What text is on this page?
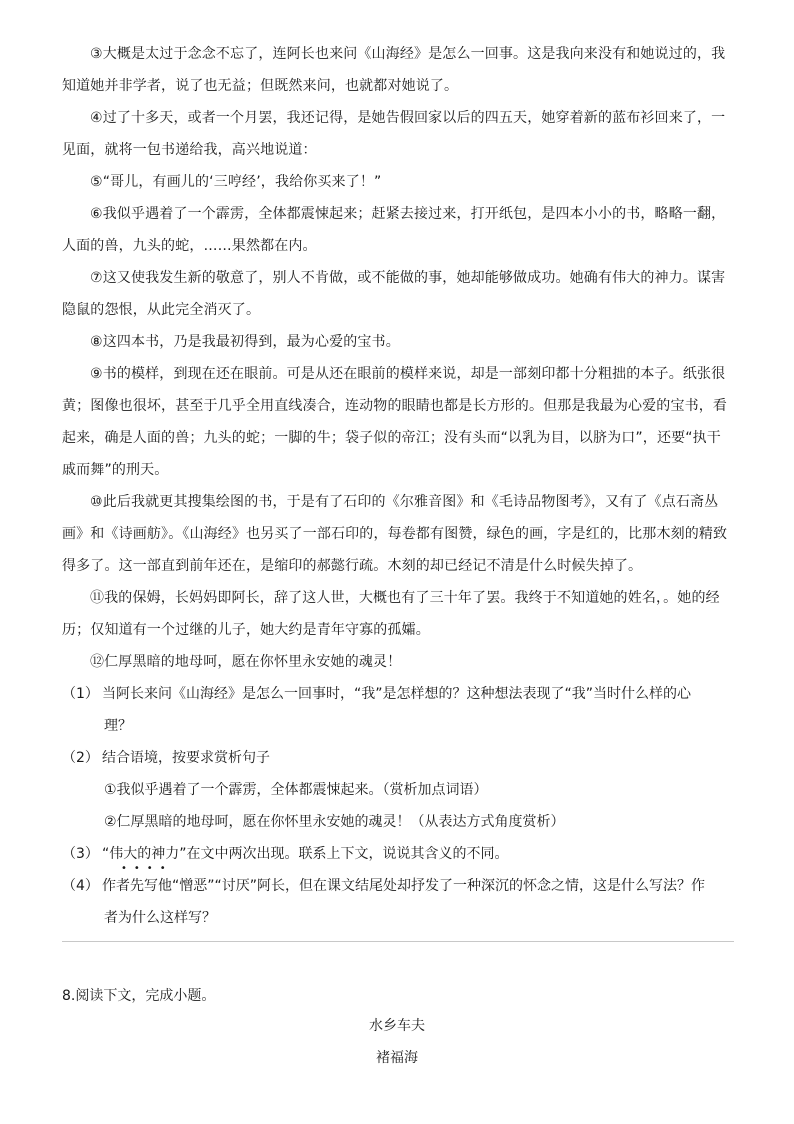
③大概是太过于念念不忘了，连阿长也来问《山海经》是怎么一回事。这是我向来没有和她说过的，我知道她并非学者，说了也无益；但既然来问，也就都对她说了。

④过了十多天，或者一个月罢，我还记得，是她告假回家以后的四五天，她穿着新的蓝布衫回来了，一见面，就将一包书递给我，高兴地说道：

⑤“哥儿，有画儿的‘三哼经’，我给你买来了！”

⑥我似乎遇着了一个霹雳，全体都震悚起来；赶紧去接过来，打开纸包，是四本小小的书，略略一翻，人面的兽，九头的蛇，……果然都在内。

⑦这又使我发生新的敬意了，别人不肯做，或不能做的事，她却能够做成功。她确有伟大的神力。谋害隐鼠的怨恨，从此完全消灭了。

⑧这四本书，乃是我最初得到，最为心爱的宝书。

⑨书的模样，到现在还在眼前。可是从还在眼前的模样来说，却是一部刻印都十分粗拙的本子。纸张很黄；图像也很坏，甚至于几乎全用直线凑合，连动物的眼睛也都是长方形的。但那是我最为心爱的宝书，看起来，确是人面的兽；九头的蛇；一脚的牛；袋子似的帝江；没有头而“以乳为目，以脐为口”，还要“执干戚而舞”的刑天。

⑩此后我就更其搜集绘图的书，于是有了石印的《尔雅音图》和《毛诗品物图考》，又有了《点石斋丛画》和《诗画舫》。《山海经》也另买了一部石印的，每卷都有图赞，绿色的画，字是红的，比那木刻的精致得多了。这一部直到前年还在，是缩印的郝懿行疏。木刻的却已经记不清是什么时候失掉了。

⑪我的保姆，长妈妈即阿长，辞了这人世，大概也有了三十年了罢。我终于不知道她的姓名，。她的经历；仅知道有一个过继的儿子，她大约是青年守寡的孤孀。

⑫仁厚黑暗的地母呵，愿在你怀里永安她的魂灵！

（1） 当阿长来问《山海经》是怎么一回事时，“我”是怎样想的？这种想法表现了“我”当时什么样的心
理？
（2） 结合语境，按要求赏析句子
①我似乎遇着了一个霹雳，全体都震悚起来。（赏析加点词语）
②仁厚黑暗的地母呵，愿在你怀里永安她的魂灵！（从表达方式角度赏析）
（3） “伟大的神力”在文中两次出现。联系上下文，说说其含义的不同。
••••
（4） 作者先写他“憎恶”“讨厌”阿长，但在课文结尾处却抒发了一种深沉的怀念之情，这是什么写法？作
者为什么这样写？
8.阅读下文，完成小题。
水乡车夫
褚福海
